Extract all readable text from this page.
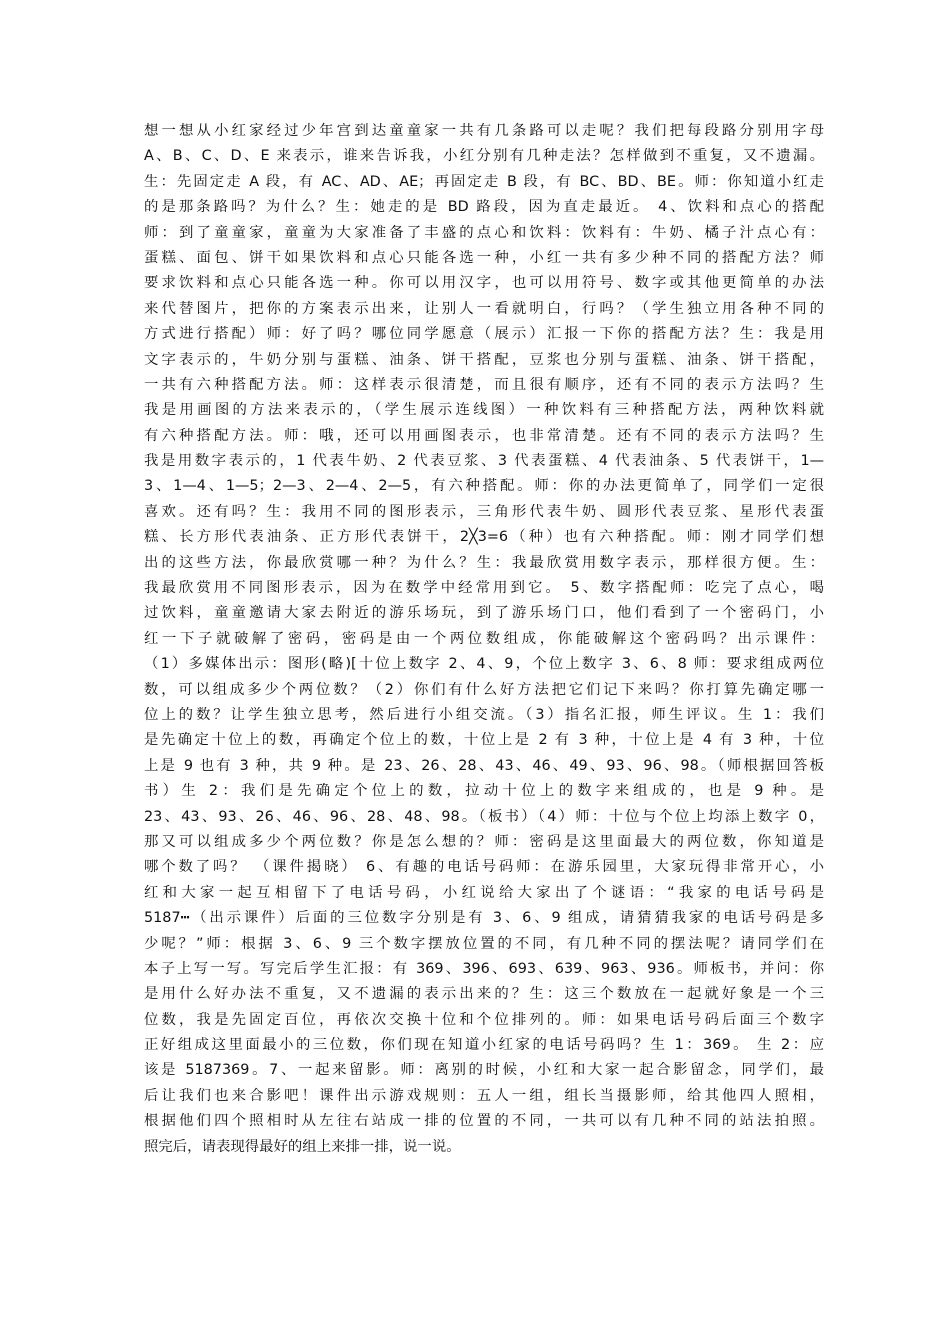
想一想从小红家经过少年宫到达童童家一共有几条路可以走呢？我们把每段路分别用字母
A、B、C、D、E 来表示，谁来告诉我，小红分别有几种走法？怎样做到不重复，又不遗漏。
生：先固定走 A 段，有 AC、AD、AE；再固定走 B 段，有 BC、BD、BE。师：你知道小红走
的是那条路吗？为什么？生：她走的是 BD 路段，因为直走最近。 4、饮料和点心的搭配
师：到了童童家，童童为大家准备了丰盛的点心和饮料：饮料有：牛奶、橘子汁点心有：
蛋糕、面包、饼干如果饮料和点心只能各选一种，小红一共有多少种不同的搭配方法？师
要求饮料和点心只能各选一种。你可以用汉字，也可以用符号、数字或其他更简单的办法
来代替图片，把你的方案表示出来，让别人一看就明白，行吗？（学生独立用各种不同的
方式进行搭配）师：好了吗？哪位同学愿意（展示）汇报一下你的搭配方法？生：我是用
文字表示的，牛奶分别与蛋糕、油条、饼干搭配，豆浆也分别与蛋糕、油条、饼干搭配，
一共有六种搭配方法。师：这样表示很清楚，而且很有顺序，还有不同的表示方法吗？生
我是用画图的方法来表示的，（学生展示连线图）一种饮料有三种搭配方法，两种饮料就
有六种搭配方法。师：哦，还可以用画图表示，也非常清楚。还有不同的表示方法吗？生
我是用数字表示的，1 代表牛奶、2 代表豆浆、3 代表蛋糕、4 代表油条、5 代表饼干，1—
3、1—4、1—5；2—3、2—4、2—5，有六种搭配。师：你的办法更简单了，同学们一定很
喜欢。还有吗？生：我用不同的图形表示，三角形代表牛奶、圆形代表豆浆、星形代表蛋
糕、长方形代表油条、正方形代表饼干，2╳3=6（种）也有六种搭配。师：刚才同学们想
出的这些方法，你最欣赏哪一种？为什么？生：我最欣赏用数字表示，那样很方便。生：
我最欣赏用不同图形表示，因为在数学中经常用到它。 5、数字搭配师：吃完了点心，喝
过饮料，童童邀请大家去附近的游乐场玩，到了游乐场门口，他们看到了一个密码门，小
红一下子就破解了密码，密码是由一个两位数组成，你能破解这个密码吗？出示课件：
（1）多媒体出示：图形(略)[十位上数字 2、4、9，个位上数字 3、6、8 师：要求组成两位
数，可以组成多少个两位数？（2）你们有什么好方法把它们记下来吗？你打算先确定哪一
位上的数？让学生独立思考，然后进行小组交流。（3）指名汇报，师生评议。生 1：我们
是先确定十位上的数，再确定个位上的数，十位上是 2 有 3 种，十位上是 4 有 3 种，十位
上是 9 也有 3 种，共 9 种。是 23、26、28、43、46、49、93、96、98。（师根据回答板
书）生 2：我们是先确定个位上的数，拉动十位上的数字来组成的，也是 9 种。是
23、43、93、26、46、96、28、48、98。（板书）（4）师：十位与个位上均添上数字 0，
那又可以组成多少个两位数？你是怎么想的？师：密码是这里面最大的两位数，你知道是
哪个数了吗？ （课件揭晓） 6、有趣的电话号码师：在游乐园里，大家玩得非常开心，小
红和大家一起互相留下了电话号码，小红说给大家出了个谜语：“我家的电话号码是
5187┅（出示课件）后面的三位数字分别是有 3、6、9 组成，请猜猜我家的电话号码是多
少呢？”师：根据 3、6、9 三个数字摆放位置的不同，有几种不同的摆法呢？请同学们在
本子上写一写。写完后学生汇报：有 369、396、693、639、963、936。师板书，并问：你
是用什么好办法不重复，又不遗漏的表示出来的？生：这三个数放在一起就好象是一个三
位数，我是先固定百位，再依次交换十位和个位排列的。师：如果电话号码后面三个数字
正好组成这里面最小的三位数，你们现在知道小红家的电话号码吗？生 1：369。 生 2：应
该是 5187369。7、一起来留影。师：离别的时候，小红和大家一起合影留念，同学们，最
后让我们也来合影吧！课件出示游戏规则：五人一组，组长当摄影师，给其他四人照相，
根据他们四个照相时从左往右站成一排的位置的不同，一共可以有几种不同的站法拍照。
照完后，请表现得最好的组上来排一排，说一说。
